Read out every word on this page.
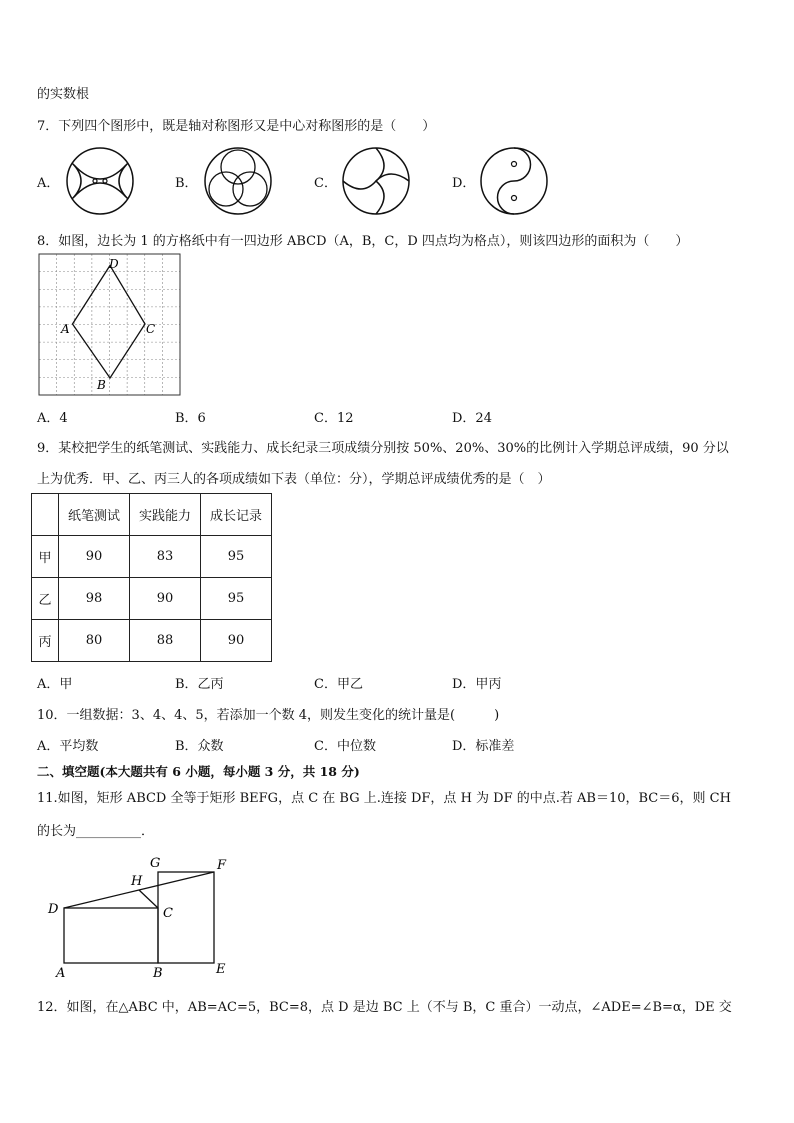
的实数根
7．下列四个图形中，既是轴对称图形又是中心对称图形的是（　　）
A．	B．	C．	D．
8．如图，边长为 1 的方格纸中有一四边形 ABCD（A，B，C，D 四点均为格点），则该四边形的面积为（　　）
D
A	C
B
A．4	B．6	C．12	D．24
9．某校把学生的纸笔测试、实践能力、成长纪录三项成绩分别按 50%、20%、30%的比例计入学期总评成绩，90 分以
上为优秀．甲、乙、丙三人的各项成绩如下表（单位：分），学期总评成绩优秀的是（　）
	纸笔测试	实践能力	成长记录
甲	90	83	95
乙	98	90	95
丙	80	88	90
A．甲	B．乙丙	C．甲乙	D．甲丙
10．一组数据：3、4、4、5，若添加一个数 4，则发生变化的统计量是(　　　)
A．平均数	B．众数	C．中位数	D．标准差
二、填空题(本大题共有 6 小题，每小题 3 分，共 18 分)
11.如图，矩形 ABCD 全等于矩形 BEFG，点 C 在 BG 上.连接 DF，点 H 为 DF 的中点.若 AB＝10，BC＝6，则 CH
的长为__________．
G	F
H
D	C
A	B	E
12．如图，在△ABC 中，AB=AC=5，BC=8，点 D 是边 BC 上（不与 B，C 重合）一动点，∠ADE=∠B=α，DE 交
